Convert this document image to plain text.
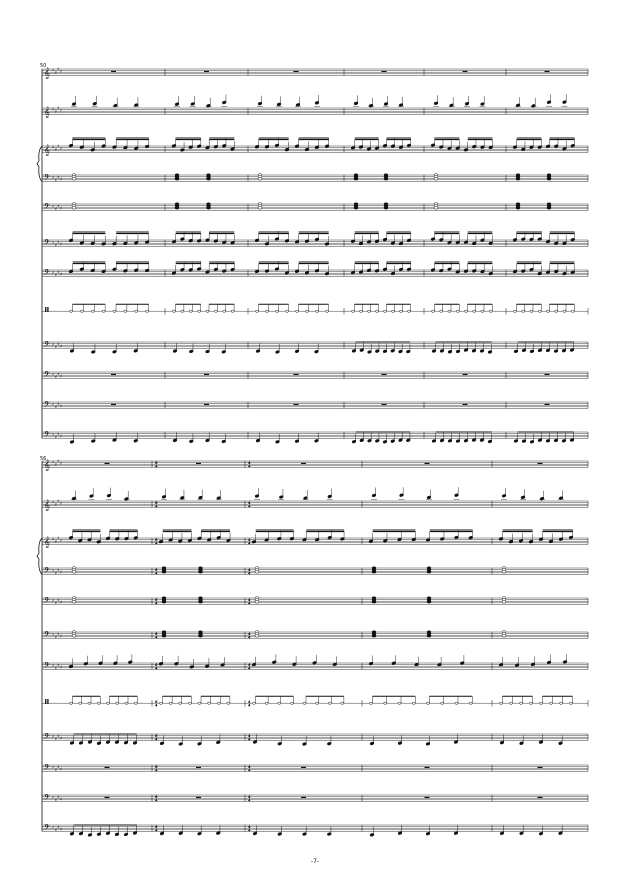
𝄞 ♯ ♯
♯ ♯
𝄞 ♯ ♯
♯ ♯
𝄞 ♯ ♯
♯ ♯
𝄢 ♯ ♯
♯ ♯
𝄢 ♯ ♯
♯ ♯
𝄢 ♯ ♯
♯ ♯
𝄢 ♯ ♯
♯ ♯
𝄢 ♯ ♯
♯ ♯
𝄢 ♯ ♯
♯ ♯
𝄢 ♯ ♯
♯ ♯
𝄢 ♯ ♯
♯ ♯
𝄞 ♯ ♯
♯ ♯	6
4
4
4
𝄞 ♯ ♯
♯ ♯	6
4
4
4
𝄞 ♯ ♯
♯ ♯	6
4
4
4
𝄢 ♯ ♯
♯ ♯
6
4
4
4
𝄢 ♯ ♯
♯ ♯
6
4
4
4
𝄢 ♯ ♯
♯ ♯
6
4
4
4
𝄢 ♯ ♯
♯ ♯
6
4
4
4
6
4
4
4
𝄢 ♯ ♯
♯ ♯
6
4
4
4
𝄢 ♯ ♯
♯ ♯
6
4
4
4
𝄢 ♯ ♯
♯ ♯
6
4
4
4
𝄢 ♯ ♯
♯ ♯
6
4
4
4
50
56
-7-
